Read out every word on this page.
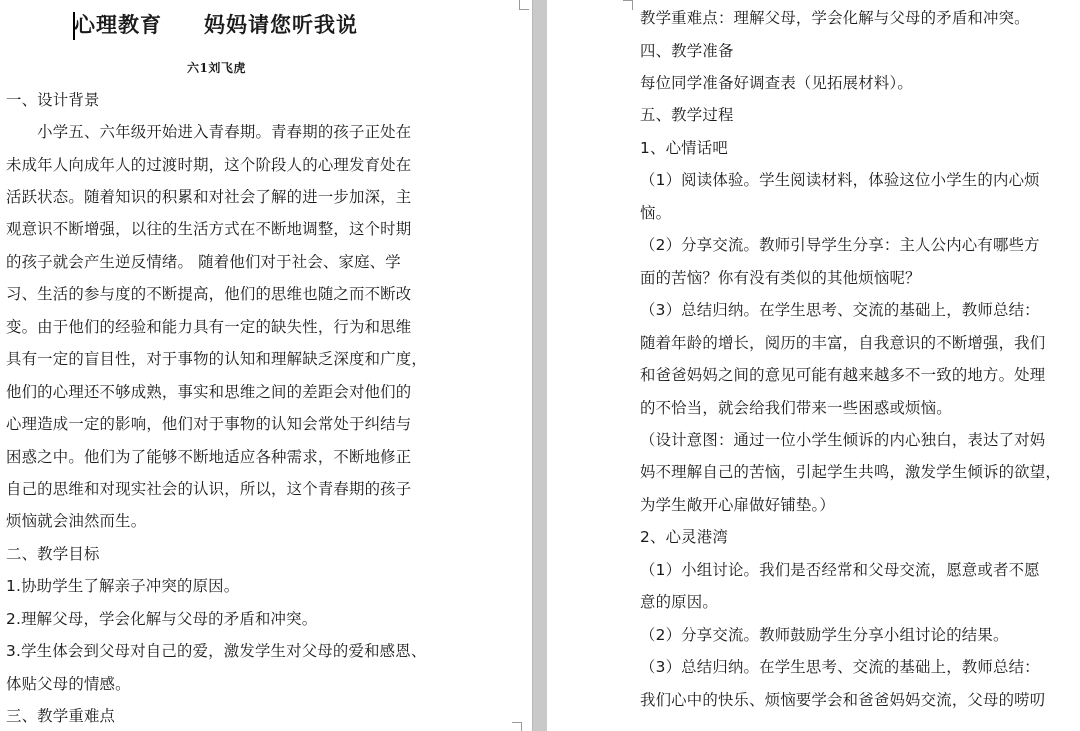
心理教育 妈妈请您听我说
六1刘飞虎
一、设计背景
　　小学五、六年级开始进入青春期。青春期的孩子正处在
未成年人向成年人的过渡时期，这个阶段人的心理发育处在
活跃状态。随着知识的积累和对社会了解的进一步加深，主
观意识不断增强，以往的生活方式在不断地调整，这个时期
的孩子就会产生逆反情绪。 随着他们对于社会、家庭、学
习、生活的参与度的不断提高，他们的思维也随之而不断改
变。由于他们的经验和能力具有一定的缺失性，行为和思维
具有一定的盲目性，对于事物的认知和理解缺乏深度和广度，
他们的心理还不够成熟，事实和思维之间的差距会对他们的
心理造成一定的影响，他们对于事物的认知会常处于纠结与
困惑之中。他们为了能够不断地适应各种需求，不断地修正
自己的思维和对现实社会的认识，所以，这个青春期的孩子
烦恼就会油然而生。
二、教学目标
1.协助学生了解亲子冲突的原因。
2.理解父母，学会化解与父母的矛盾和冲突。
3.学生体会到父母对自己的爱，激发学生对父母的爱和感恩、
体贴父母的情感。
三、教学重难点
教学重难点：理解父母，学会化解与父母的矛盾和冲突。
四、教学准备
每位同学准备好调查表（见拓展材料）。
五、教学过程
1、心情话吧
（1）阅读体验。学生阅读材料，体验这位小学生的内心烦
恼。
（2）分享交流。教师引导学生分享：主人公内心有哪些方
面的苦恼？你有没有类似的其他烦恼呢？
（3）总结归纳。在学生思考、交流的基础上，教师总结：
随着年龄的增长，阅历的丰富，自我意识的不断增强，我们
和爸爸妈妈之间的意见可能有越来越多不一致的地方。处理
的不恰当，就会给我们带来一些困惑或烦恼。
（设计意图：通过一位小学生倾诉的内心独白，表达了对妈
妈不理解自己的苦恼，引起学生共鸣，激发学生倾诉的欲望，
为学生敞开心扉做好铺垫。）
2、心灵港湾
（1）小组讨论。我们是否经常和父母交流，愿意或者不愿
意的原因。
（2）分享交流。教师鼓励学生分享小组讨论的结果。
（3）总结归纳。在学生思考、交流的基础上，教师总结：
我们心中的快乐、烦恼要学会和爸爸妈妈交流，父母的唠叨
